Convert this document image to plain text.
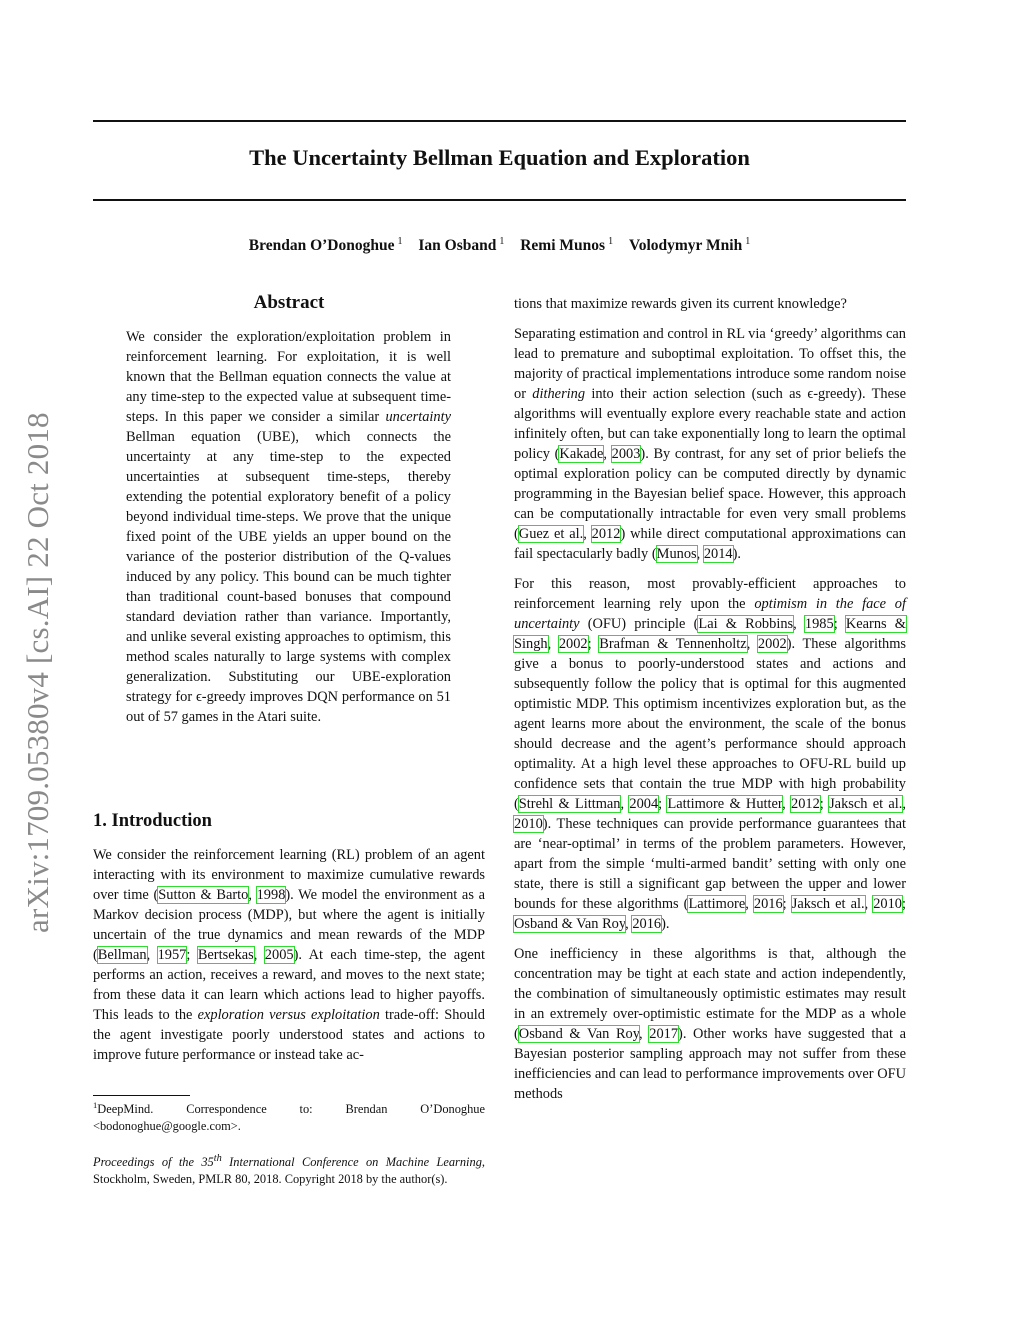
arXiv:1709.05380v4 [cs.AI] 22 Oct 2018
The Uncertainty Bellman Equation and Exploration
Brendan O’Donoghue $^1$ Ian Osband $^1$ Remi Munos $^1$ Volodymyr Mnih $^1$
Abstract

We consider the exploration/exploitation problem in reinforcement learning. For exploitation, it is well known that the Bellman equation connects the value at any time-step to the expected value at subsequent time-steps. In this paper we consider a similar uncertainty Bellman equation (UBE), which connects the uncertainty at any time-step to the expected uncertainties at subsequent time-steps, thereby extending the potential exploratory benefit of a policy beyond individual time-steps. We prove that the unique fixed point of the UBE yields an upper bound on the variance of the posterior distribution of the Q-values induced by any policy. This bound can be much tighter than traditional count-based bonuses that compound standard deviation rather than variance. Importantly, and unlike several existing approaches to optimism, this method scales naturally to large systems with complex generalization. Substituting our UBE-exploration strategy for ϵ-greedy improves DQN performance on 51 out of 57 games in the Atari suite.

1. Introduction

We consider the reinforcement learning (RL) problem of an agent interacting with its environment to maximize cumulative rewards over time (Sutton & Barto, 1998). We model the environment as a Markov decision process (MDP), but where the agent is initially uncertain of the true dynamics and mean rewards of the MDP (Bellman, 1957; Bertsekas, 2005). At each time-step, the agent performs an action, receives a reward, and moves to the next state; from these data it can learn which actions lead to higher payoffs. This leads to the exploration versus exploitation trade-off: Should the agent investigate poorly understood states and actions to improve future performance or instead take ac-

$^1$DeepMind. Correspondence to: Brendan O’Donoghue <bodonoghue@google.com>.

Proceedings of the 35th International Conference on Machine Learning, Stockholm, Sweden, PMLR 80, 2018. Copyright 2018 by the author(s).

tions that maximize rewards given its current knowledge?

Separating estimation and control in RL via ‘greedy’ algorithms can lead to premature and suboptimal exploitation. To offset this, the majority of practical implementations introduce some random noise or dithering into their action selection (such as ϵ-greedy). These algorithms will eventually explore every reachable state and action infinitely often, but can take exponentially long to learn the optimal policy (Kakade, 2003). By contrast, for any set of prior beliefs the optimal exploration policy can be computed directly by dynamic programming in the Bayesian belief space. However, this approach can be computationally intractable for even very small problems (Guez et al., 2012) while direct computational approximations can fail spectacularly badly (Munos, 2014).

For this reason, most provably-efficient approaches to reinforcement learning rely upon the optimism in the face of uncertainty (OFU) principle (Lai & Robbins, 1985; Kearns & Singh, 2002; Brafman & Tennenholtz, 2002). These algorithms give a bonus to poorly-understood states and actions and subsequently follow the policy that is optimal for this augmented optimistic MDP. This optimism incentivizes exploration but, as the agent learns more about the environment, the scale of the bonus should decrease and the agent’s performance should approach optimality. At a high level these approaches to OFU-RL build up confidence sets that contain the true MDP with high probability (Strehl & Littman, 2004; Lattimore & Hutter, 2012; Jaksch et al., 2010). These techniques can provide performance guarantees that are ‘near-optimal’ in terms of the problem parameters. However, apart from the simple ‘multi-armed bandit’ setting with only one state, there is still a significant gap between the upper and lower bounds for these algorithms (Lattimore, 2016; Jaksch et al., 2010; Osband & Van Roy, 2016).

One inefficiency in these algorithms is that, although the concentration may be tight at each state and action independently, the combination of simultaneously optimistic estimates may result in an extremely over-optimistic estimate for the MDP as a whole (Osband & Van Roy, 2017). Other works have suggested that a Bayesian posterior sampling approach may not suffer from these inefficiencies and can lead to performance improvements over OFU methods
